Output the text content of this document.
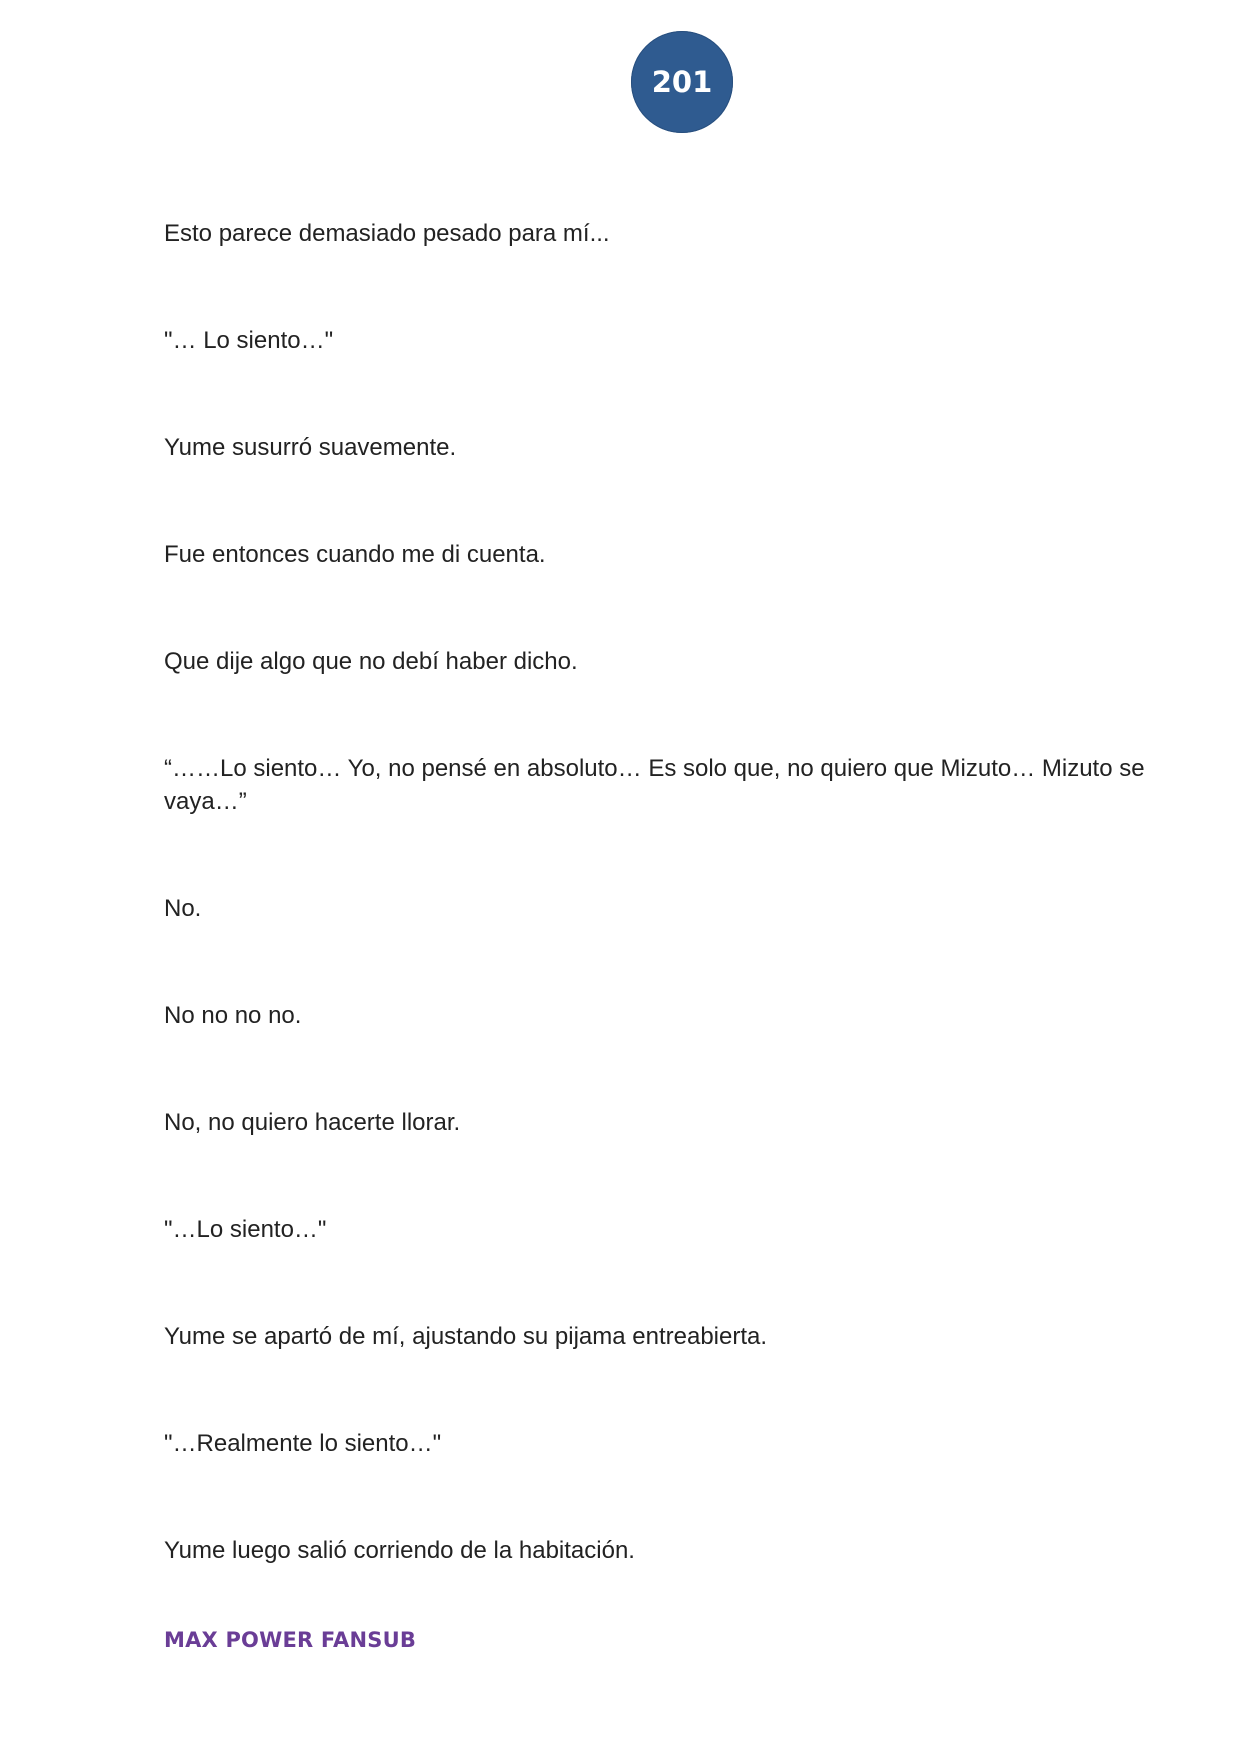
201

Esto parece demasiado pesado para mí...

"… Lo siento…"

Yume susurró suavemente.

Fue entonces cuando me di cuenta.

Que dije algo que no debí haber dicho.

“……Lo siento… Yo, no pensé en absoluto… Es solo que, no quiero que Mizuto… Mizuto se vaya…”

No.

No no no no.

No, no quiero hacerte llorar.

"…Lo siento…"

Yume se apartó de mí, ajustando su pijama entreabierta.

"…Realmente lo siento…"

Yume luego salió corriendo de la habitación.

MAX POWER FANSUB
